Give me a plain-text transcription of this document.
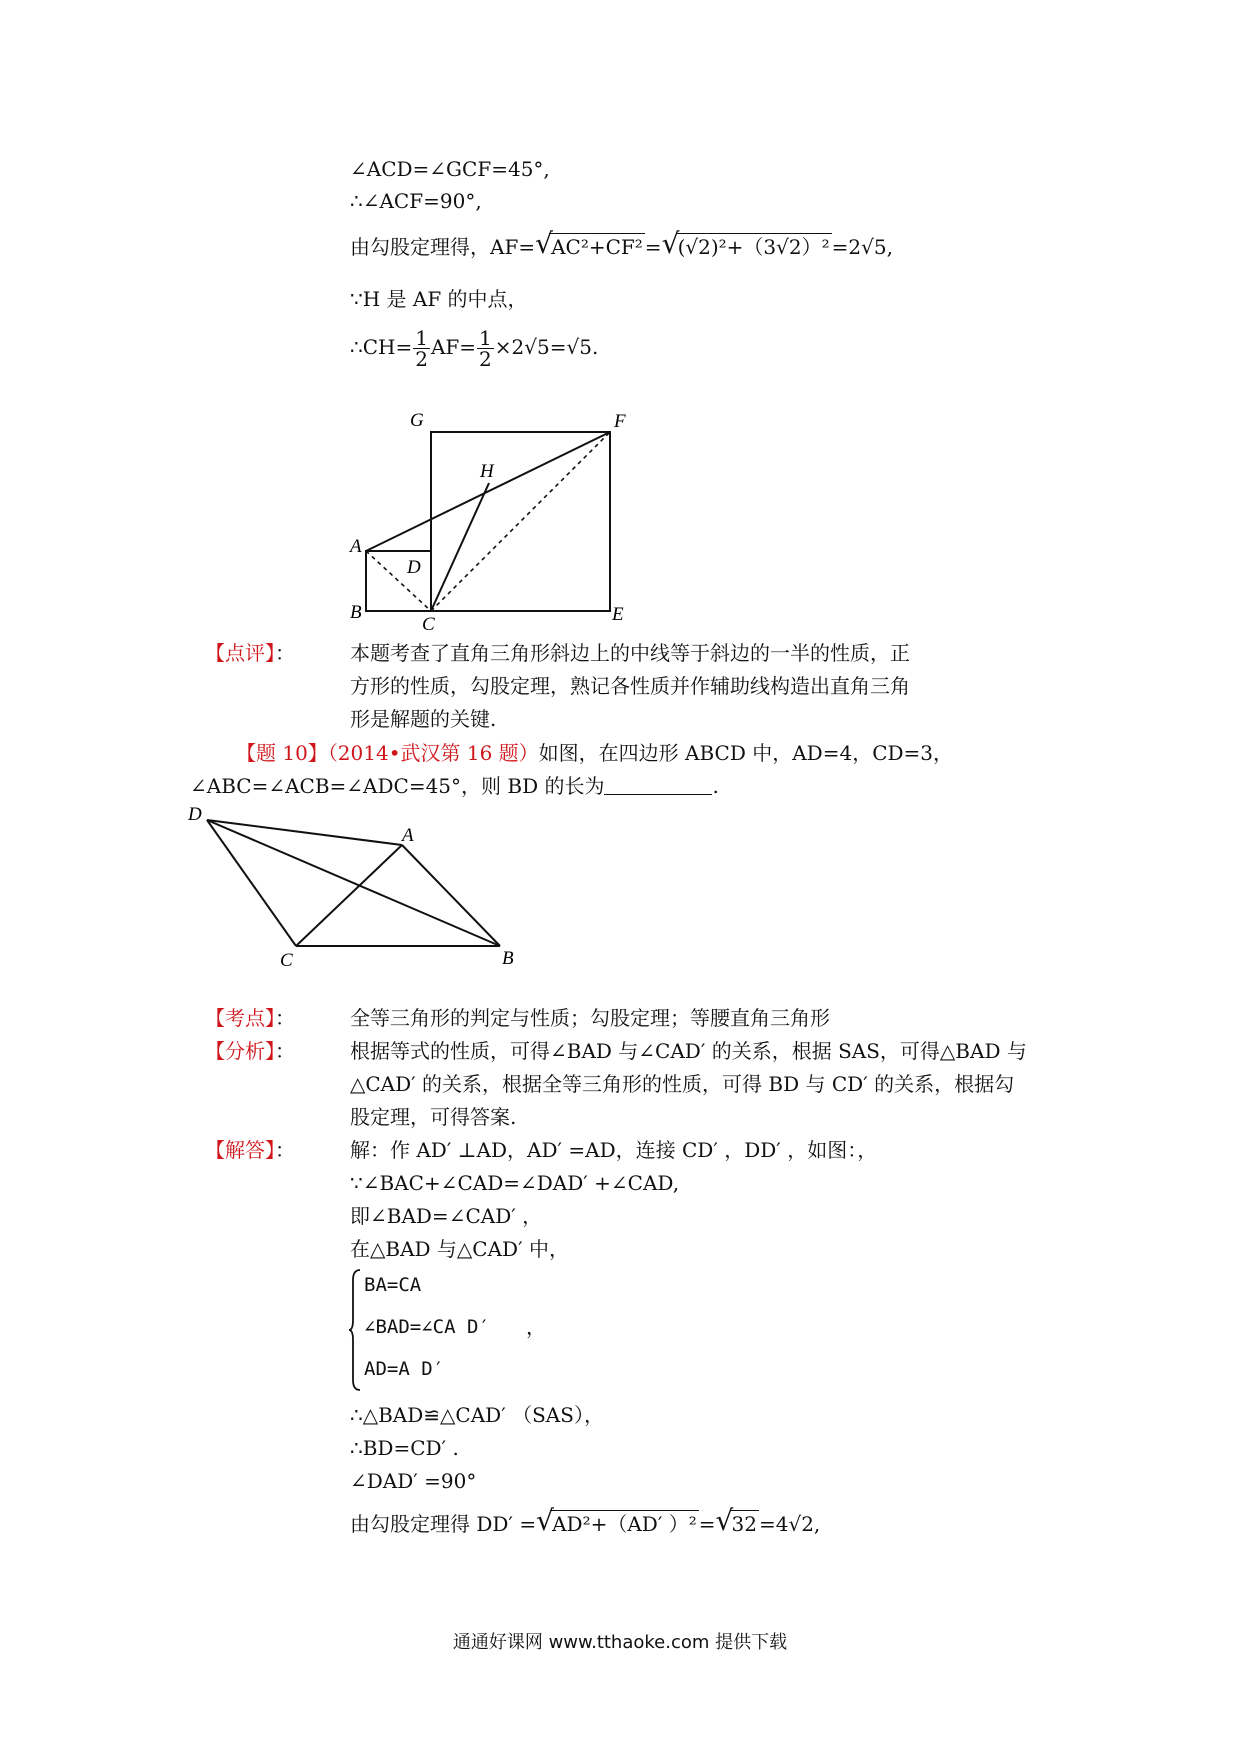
∠ACD=∠GCF=45°,
∴∠ACF=90°,
由勾股定理得，AF= √ AC²+CF² = √ (√2)²+（3√2）² =2√5,
∵H 是 AF 的中点，
∴CH= $\frac{1}{2} AF= \frac{1}{2} \times 2√5=√5$.
G	F
H
A
D
B
C	E
【点评】：	本题考查了直角三角形斜边上的中线等于斜边的一半的性质，正
方形的性质，勾股定理，熟记各性质并作辅助线构造出直角三角
形是解题的关键.
【题 10】（2014•武汉第 16 题）如图，在四边形 ABCD 中，AD=4，CD=3，
∠ABC=∠ACB=∠ADC=45°，则 BD 的长为	.
D
A
C	B
【考点】：	全等三角形的判定与性质；勾股定理；等腰直角三角形
【分析】：	根据等式的性质，可得∠BAD 与∠CAD′ 的关系，根据 SAS，可得△BAD 与
△CAD′ 的关系，根据全等三角形的性质，可得 BD 与 CD′ 的关系，根据勾
股定理，可得答案.
【解答】：	解：作 AD′ ⊥AD，AD′ =AD，连接 CD′ ，DD′ ，如图：，
∵∠BAC+∠CAD=∠DAD′ +∠CAD,
即∠BAD=∠CAD′ ，
在△BAD 与△CAD′ 中，
BA=CA
∠BAD=∠CA D′ ，
AD=A D′
∴△BAD≌△CAD′ （SAS），
∴BD=CD′ .
∠DAD′ =90°
由勾股定理得 DD′ = √ AD²+（AD′ ）² = √ 32 =4√2,
通通好课网 www.tthaoke.com 提供下载
